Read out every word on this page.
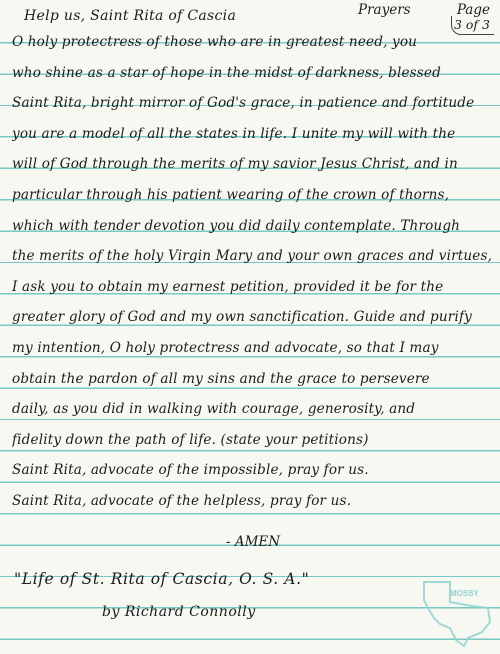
Help us, Saint Rita of Cascia	Prayers	Page
3 of 3
O holy protectress of those who are in greatest need, you
who shine as a star of hope in the midst of darkness, blessed
Saint Rita, bright mirror of God's grace, in patience and fortitude
you are a model of all the states in life. I unite my will with the
will of God through the merits of my savior Jesus Christ, and in
particular through his patient wearing of the crown of thorns,
which with tender devotion you did daily contemplate. Through
the merits of the holy Virgin Mary and your own graces and virtues,
I ask you to obtain my earnest petition, provided it be for the
greater glory of God and my own sanctification. Guide and purify
my intention, O holy protectress and advocate, so that I may
obtain the pardon of all my sins and the grace to persevere
daily, as you did in walking with courage, generosity, and
fidelity down the path of life. (state your petitions)
Saint Rita, advocate of the impossible, pray for us.
Saint Rita, advocate of the helpless, pray for us.
- AMEN
"Life of St. Rita of Cascia, O. S. A."
by Richard Connolly
MOSSY
